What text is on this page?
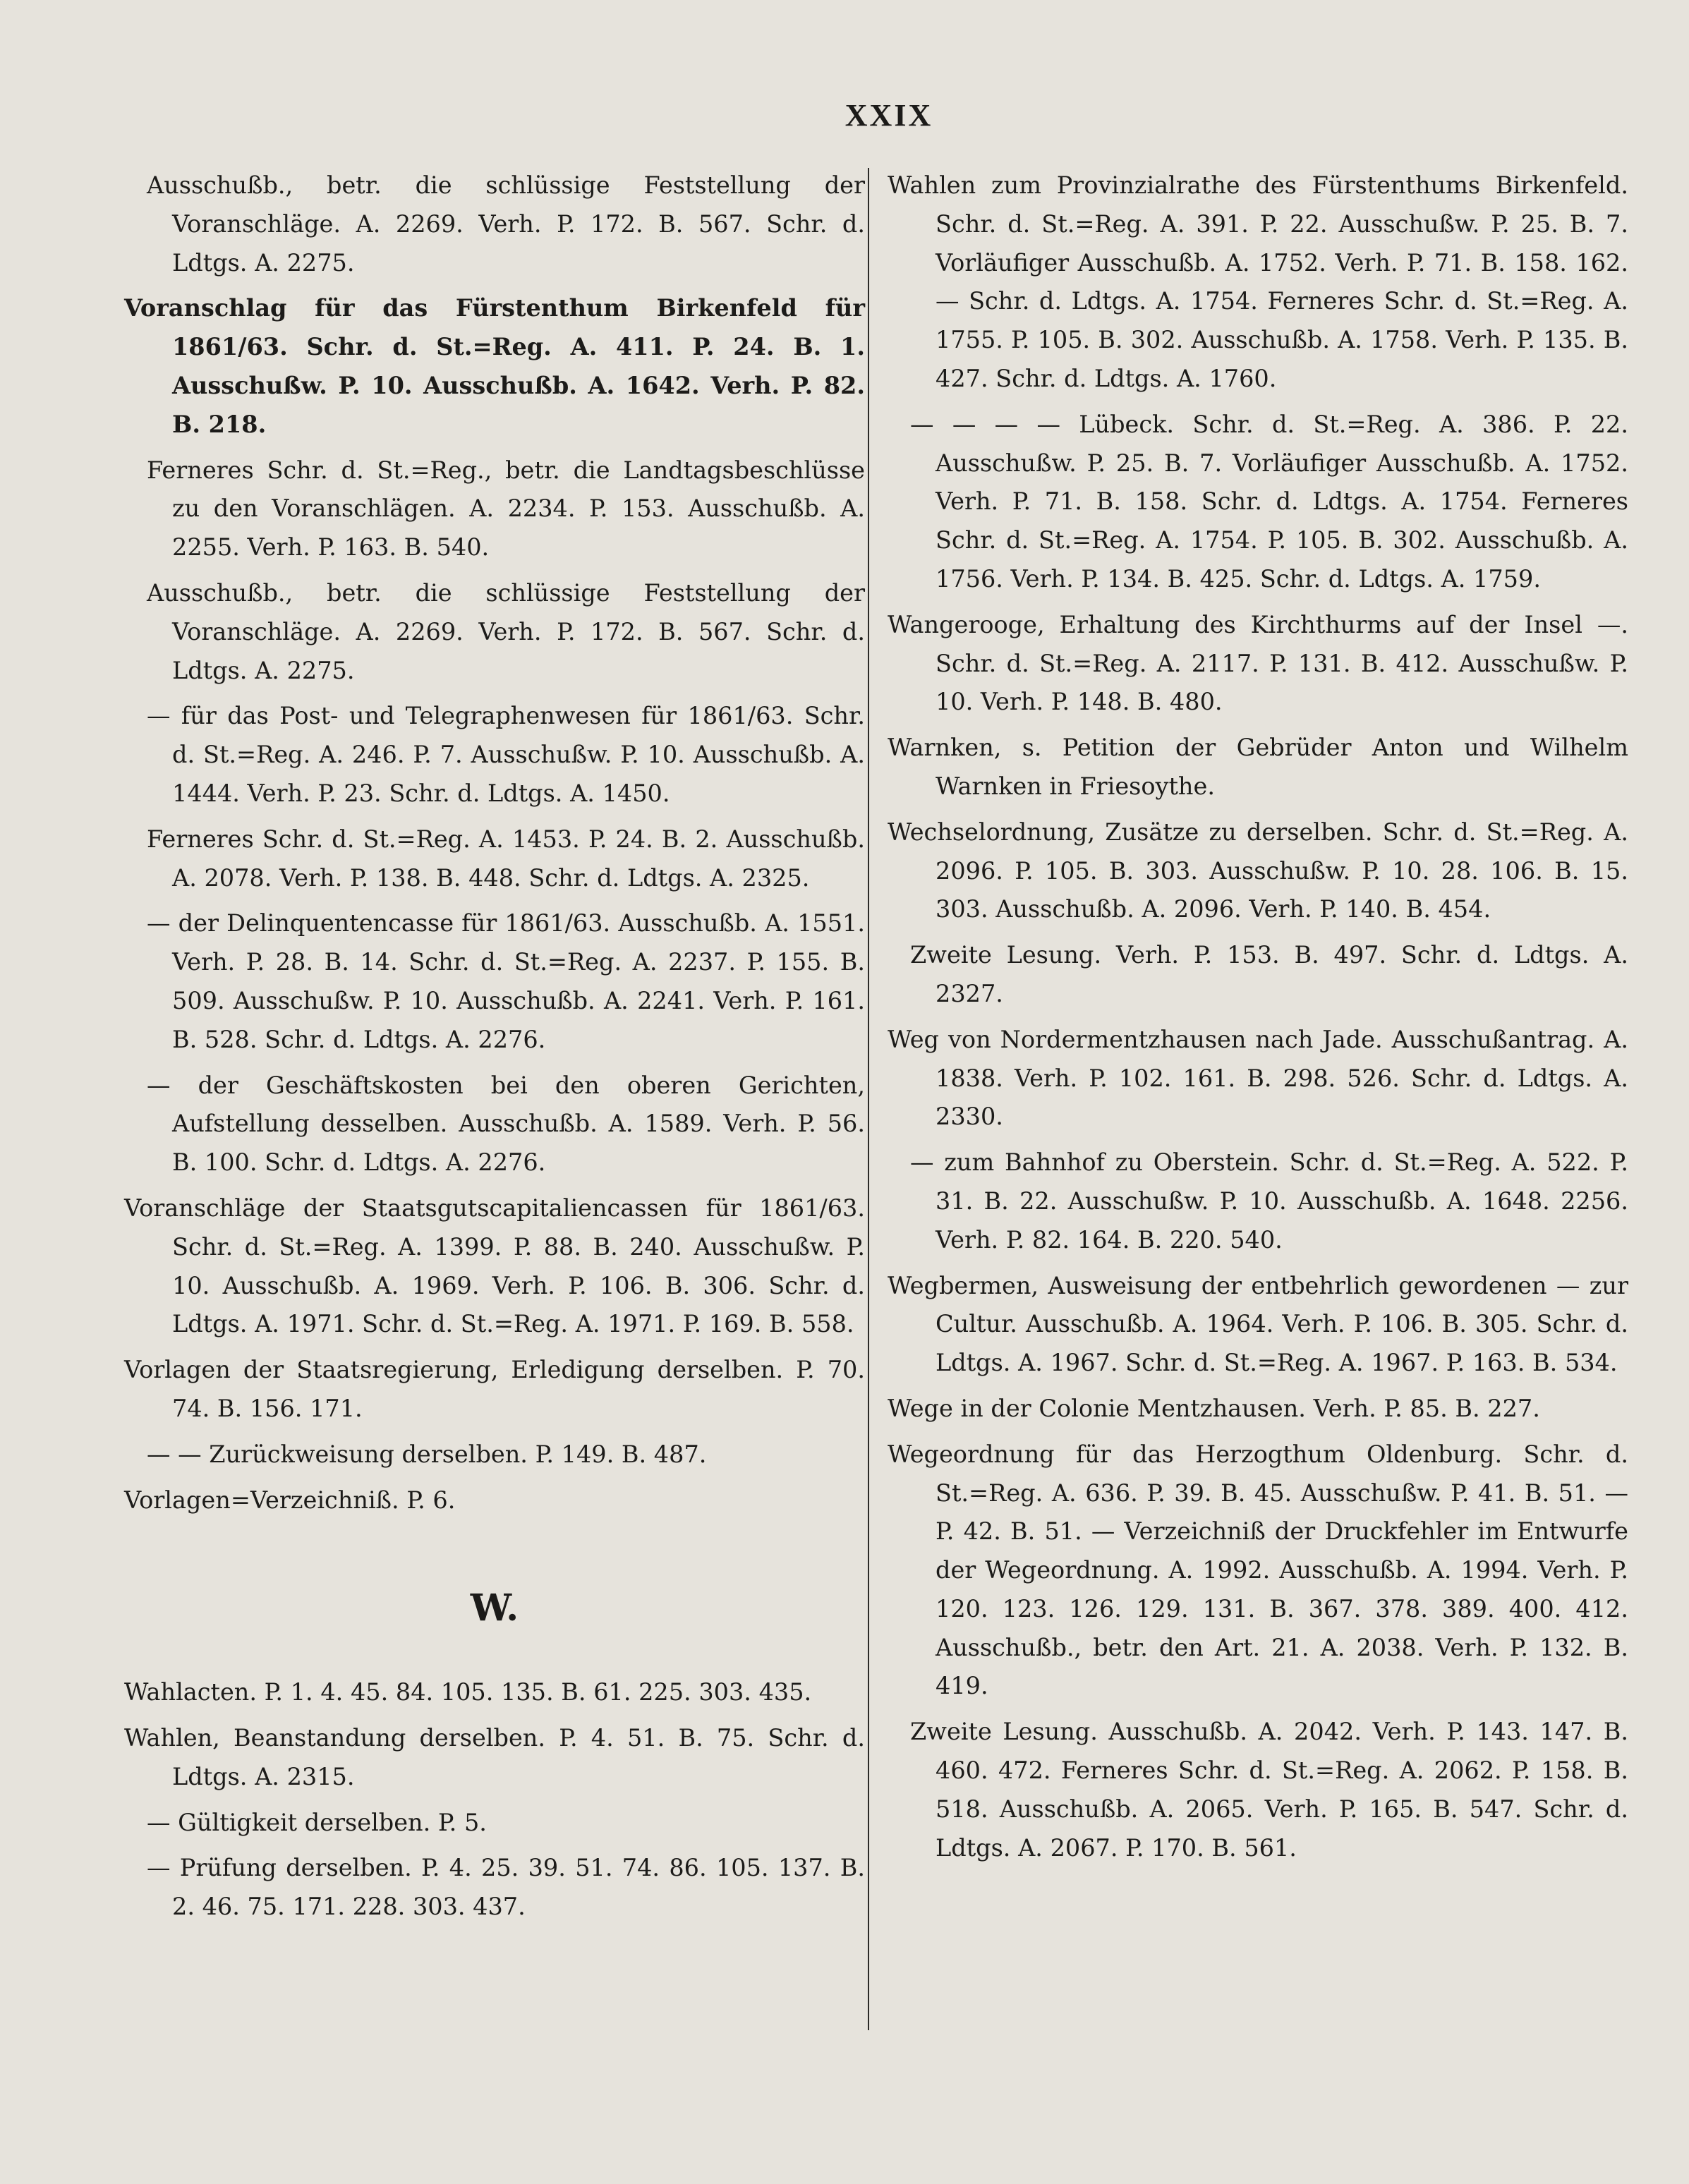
XXIX
Ausschußb., betr. die schlüssige Feststellung der Voranschläge. A. 2269. Verh. P. 172. B. 567. Schr. d. Ldtgs. A. 2275.
Voranschlag für das Fürstenthum Birkenfeld für 1861/63. Schr. d. St.=Reg. A. 411. P. 24. B. 1. Ausschußw. P. 10. Ausschußb. A. 1642. Verh. P. 82. B. 218.
Ferneres Schr. d. St.=Reg., betr. die Landtagsbeschlüsse zu den Voranschlägen. A. 2234. P. 153. Ausschußb. A. 2255. Verh. P. 163. B. 540.
Ausschußb., betr. die schlüssige Feststellung der Voranschläge. A. 2269. Verh. P. 172. B. 567. Schr. d. Ldtgs. A. 2275.
— für das Post- und Telegraphenwesen für 1861/63. Schr. d. St.=Reg. A. 246. P. 7. Ausschußw. P. 10. Ausschußb. A. 1444. Verh. P. 23. Schr. d. Ldtgs. A. 1450.
Ferneres Schr. d. St.=Reg. A. 1453. P. 24. B. 2. Ausschußb. A. 2078. Verh. P. 138. B. 448. Schr. d. Ldtgs. A. 2325.
— der Delinquentencasse für 1861/63. Ausschußb. A. 1551. Verh. P. 28. B. 14. Schr. d. St.=Reg. A. 2237. P. 155. B. 509. Ausschußw. P. 10. Ausschußb. A. 2241. Verh. P. 161. B. 528. Schr. d. Ldtgs. A. 2276.
— der Geschäftskosten bei den oberen Gerichten, Aufstellung desselben. Ausschußb. A. 1589. Verh. P. 56. B. 100. Schr. d. Ldtgs. A. 2276.
Voranschläge der Staatsgutscapitaliencassen für 1861/63. Schr. d. St.=Reg. A. 1399. P. 88. B. 240. Ausschußw. P. 10. Ausschußb. A. 1969. Verh. P. 106. B. 306. Schr. d. Ldtgs. A. 1971. Schr. d. St.=Reg. A. 1971. P. 169. B. 558.
Vorlagen der Staatsregierung, Erledigung derselben. P. 70. 74. B. 156. 171.
— — Zurückweisung derselben. P. 149. B. 487.
Vorlagen=Verzeichniß. P. 6.
W.
Wahlacten. P. 1. 4. 45. 84. 105. 135. B. 61. 225. 303. 435.
Wahlen, Beanstandung derselben. P. 4. 51. B. 75. Schr. d. Ldtgs. A. 2315.
— Gültigkeit derselben. P. 5.
— Prüfung derselben. P. 4. 25. 39. 51. 74. 86. 105. 137. B. 2. 46. 75. 171. 228. 303. 437.
Wahlen zum Provinzialrathe des Fürstenthums Birkenfeld. Schr. d. St.=Reg. A. 391. P. 22. Ausschußw. P. 25. B. 7. Vorläufiger Ausschußb. A. 1752. Verh. P. 71. B. 158. 162. — Schr. d. Ldtgs. A. 1754. Ferneres Schr. d. St.=Reg. A. 1755. P. 105. B. 302. Ausschußb. A. 1758. Verh. P. 135. B. 427. Schr. d. Ldtgs. A. 1760.
— — — — Lübeck. Schr. d. St.=Reg. A. 386. P. 22. Ausschußw. P. 25. B. 7. Vorläufiger Ausschußb. A. 1752. Verh. P. 71. B. 158. Schr. d. Ldtgs. A. 1754. Ferneres Schr. d. St.=Reg. A. 1754. P. 105. B. 302. Ausschußb. A. 1756. Verh. P. 134. B. 425. Schr. d. Ldtgs. A. 1759.
Wangerooge, Erhaltung des Kirchthurms auf der Insel —. Schr. d. St.=Reg. A. 2117. P. 131. B. 412. Ausschußw. P. 10. Verh. P. 148. B. 480.
Warnken, s. Petition der Gebrüder Anton und Wilhelm Warnken in Friesoythe.
Wechselordnung, Zusätze zu derselben. Schr. d. St.=Reg. A. 2096. P. 105. B. 303. Ausschußw. P. 10. 28. 106. B. 15. 303. Ausschußb. A. 2096. Verh. P. 140. B. 454.
Zweite Lesung. Verh. P. 153. B. 497. Schr. d. Ldtgs. A. 2327.
Weg von Nordermentzhausen nach Jade. Ausschußantrag. A. 1838. Verh. P. 102. 161. B. 298. 526. Schr. d. Ldtgs. A. 2330.
— zum Bahnhof zu Oberstein. Schr. d. St.=Reg. A. 522. P. 31. B. 22. Ausschußw. P. 10. Ausschußb. A. 1648. 2256. Verh. P. 82. 164. B. 220. 540.
Wegbermen, Ausweisung der entbehrlich gewordenen — zur Cultur. Ausschußb. A. 1964. Verh. P. 106. B. 305. Schr. d. Ldtgs. A. 1967. Schr. d. St.=Reg. A. 1967. P. 163. B. 534.
Wege in der Colonie Mentzhausen. Verh. P. 85. B. 227.
Wegeordnung für das Herzogthum Oldenburg. Schr. d. St.=Reg. A. 636. P. 39. B. 45. Ausschußw. P. 41. B. 51. — P. 42. B. 51. — Verzeichniß der Druckfehler im Entwurfe der Wegeordnung. A. 1992. Ausschußb. A. 1994. Verh. P. 120. 123. 126. 129. 131. B. 367. 378. 389. 400. 412. Ausschußb., betr. den Art. 21. A. 2038. Verh. P. 132. B. 419.
Zweite Lesung. Ausschußb. A. 2042. Verh. P. 143. 147. B. 460. 472. Ferneres Schr. d. St.=Reg. A. 2062. P. 158. B. 518. Ausschußb. A. 2065. Verh. P. 165. B. 547. Schr. d. Ldtgs. A. 2067. P. 170. B. 561.
